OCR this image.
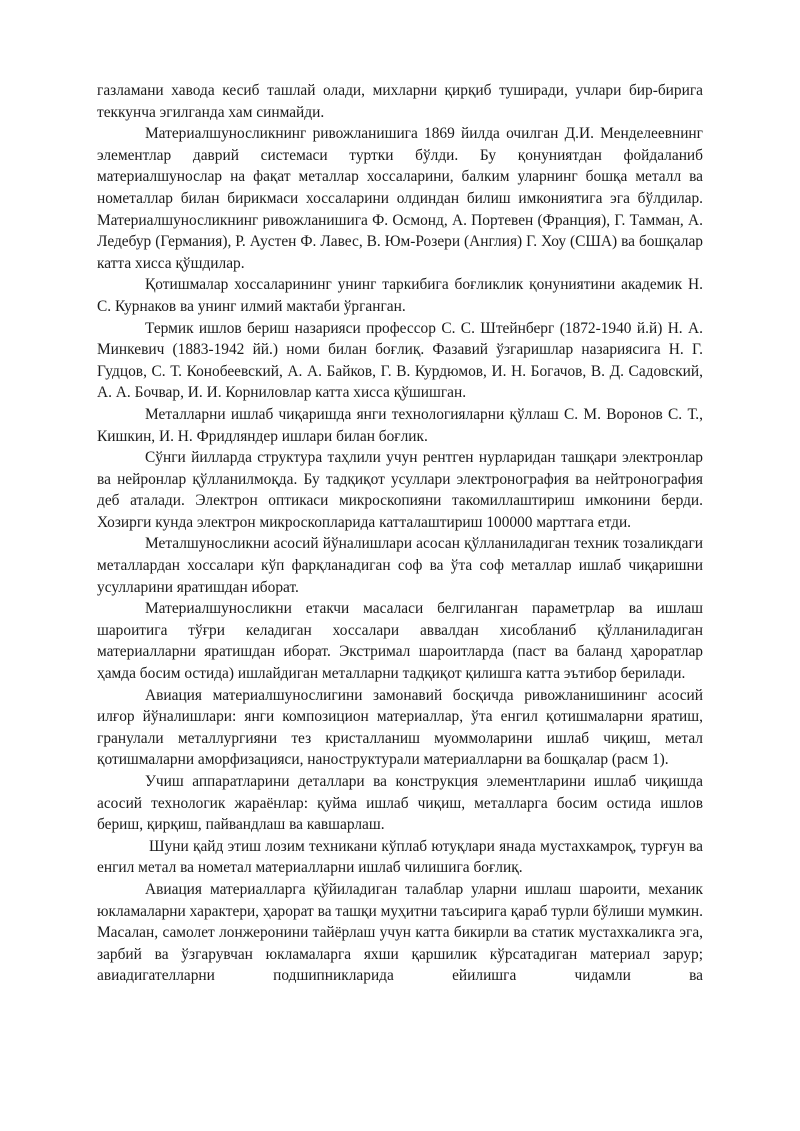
газламани хавода кесиб ташлай олади, михларни қирқиб туширади, учлари бир-бирига теккунча эгилганда хам синмайди.

Материалшуносликнинг ривожланишига 1869 йилда очилган Д.И. Менделеевнинг элементлар даврий системаси туртки бўлди. Бу қонуниятдан фойдаланиб материалшунослар на фақат металлар хоссаларини, балким уларнинг бошқа металл ва нометаллар билан бирикмаси хоссаларини олдиндан билиш имкониятига эга бўлдилар. Материалшуносликнинг ривожланишига Ф. Осмонд, А. Портевен (Франция), Г. Тамман, А. Ледебур (Германия), Р. Аустен Ф. Лавес, В. Юм-Розери (Англия) Г. Хоу (США) ва бошқалар катта хисса қўшдилар.

Қотишмалар хоссаларининг унинг таркибига боғликлик қонуниятини академик Н. С. Курнаков ва унинг илмий мактаби ўрганган.

Термик ишлов бериш назарияси профессор С. С. Штейнберг (1872-1940 й.й) Н. А. Минкевич (1883-1942 йй.) номи билан боғлиқ. Фазавий ўзгаришлар назариясига Н. Г. Гудцов, С. Т. Конобеевский, А. А. Байков, Г. В. Курдюмов, И. Н. Богачов, В. Д. Садовский, А. А. Бочвар, И. И. Корниловлар катта хисса қўшишган.

Металларни ишлаб чиқаришда янги технологияларни қўллаш С. М. Воронов С. Т., Кишкин, И. Н. Фридляндер ишлари билан боғлик.

Сўнги йилларда структура таҳлили учун рентген нурларидан ташқари электронлар ва нейронлар қўлланилмоқда. Бу тадқиқот усуллари электронография ва нейтронография деб аталади. Электрон оптикаси микроскопияни такомиллаштириш имконини берди. Хозирги кунда электрон микроскопларида катталаштириш 100000 марттага етди.

Металшуносликни асосий йўналишлари асосан қўлланиладиган техник тозаликдаги металлардан хоссалари кўп фарқланадиган соф ва ўта соф металлар ишлаб чиқаришни усулларини яратишдан иборат.

Материалшуносликни етакчи масаласи белгиланган параметрлар ва ишлаш шароитига тўғри келадиган хоссалари аввалдан хисобланиб қўлланиладиган материалларни яратишдан иборат. Экстримал шароитларда (паст ва баланд ҳароратлар ҳамда босим остида) ишлайдиган металларни тадқиқот қилишга катта эътибор берилади.

Авиация материалшунослигини замонавий босқичда ривожланишининг асосий илғор йўналишлари: янги композицион материаллар, ўта енгил қотишмаларни яратиш, гранулали металлургияни тез кристалланиш муоммоларини ишлаб чиқиш, метал қотишмаларни аморфизацияси, наноструктурали материалларни ва бошқалар (расм 1).

Учиш аппаратларини деталлари ва конструкция элементларини ишлаб чиқишда асосий технологик жараёнлар: қуйма ишлаб чиқиш, металларга босим остида ишлов бериш, қирқиш, пайвандлаш ва кавшарлаш.

Шуни қайд этиш лозим техникани кўплаб ютуқлари янада мустахкамроқ, турғун ва енгил метал ва нометал материалларни ишлаб чилишига боғлиқ.

Авиация материалларга қўйиладиган талаблар уларни ишлаш шароити, механик юкламаларни характери, ҳарорат ва ташқи муҳитни таъсирига қараб турли бўлиши мумкин. Масалан, самолет лонжеронини тайёрлаш учун катта бикирли ва статик мустахкаликга эга, зарбий ва ўзгарувчан юкламаларга яхши қаршилик кўрсатадиган материал зарур; авиадигателларни подшипникларида ейилишга чидамли ва
